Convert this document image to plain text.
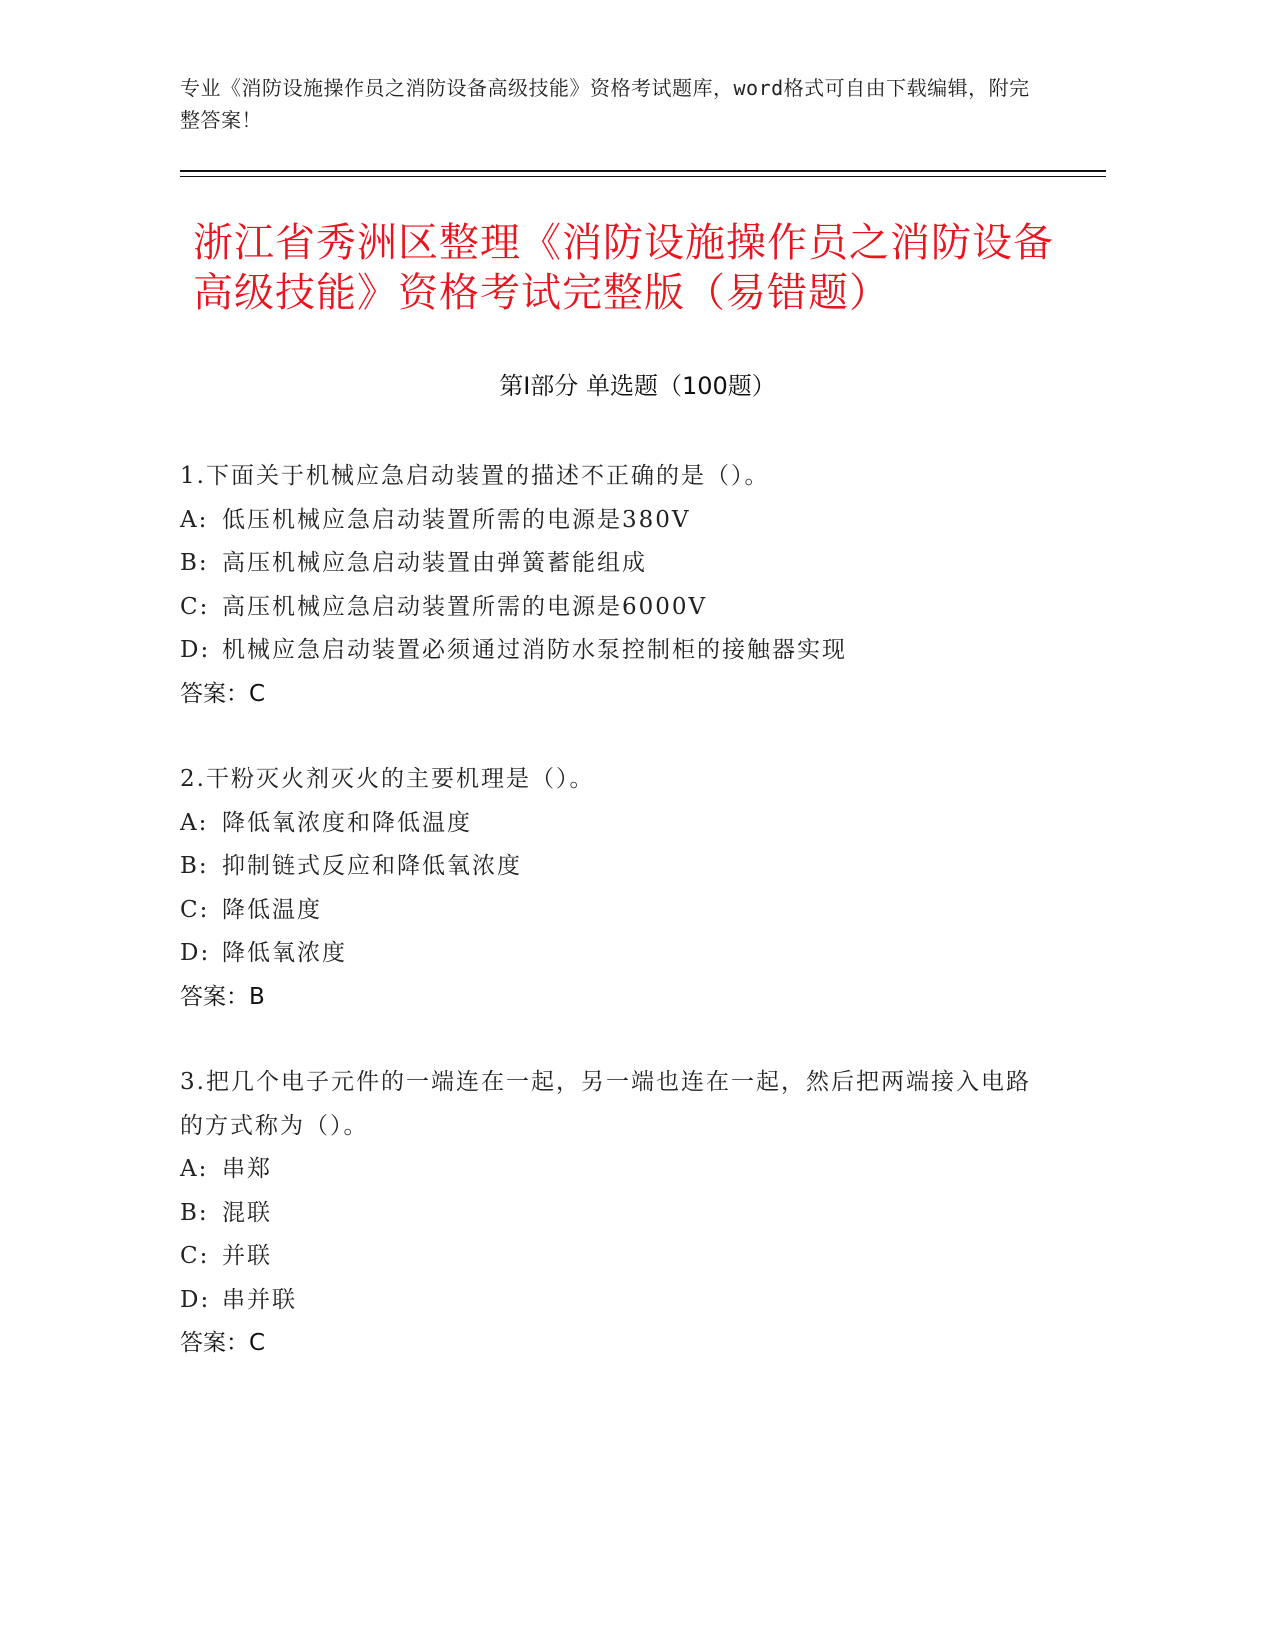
专业《消防设施操作员之消防设备高级技能》资格考试题库，word格式可自由下载编辑，附完整答案！
浙江省秀洲区整理《消防设施操作员之消防设备高级技能》资格考试完整版（易错题）
第Ⅰ部分 单选题（100题）

1.下面关于机械应急启动装置的描述不正确的是（）。

A: 低压机械应急启动装置所需的电源是380V

B: 高压机械应急启动装置由弹簧蓄能组成

C: 高压机械应急启动装置所需的电源是6000V

D: 机械应急启动装置必须通过消防水泵控制柜的接触器实现

答案：C

2.干粉灭火剂灭火的主要机理是（）。

A: 降低氧浓度和降低温度

B: 抑制链式反应和降低氧浓度

C: 降低温度

D: 降低氧浓度

答案：B

3.把几个电子元件的一端连在一起，另一端也连在一起，然后把两端接入电路的方式称为（）。

A: 串郑

B: 混联

C: 并联

D: 串并联

答案：C
